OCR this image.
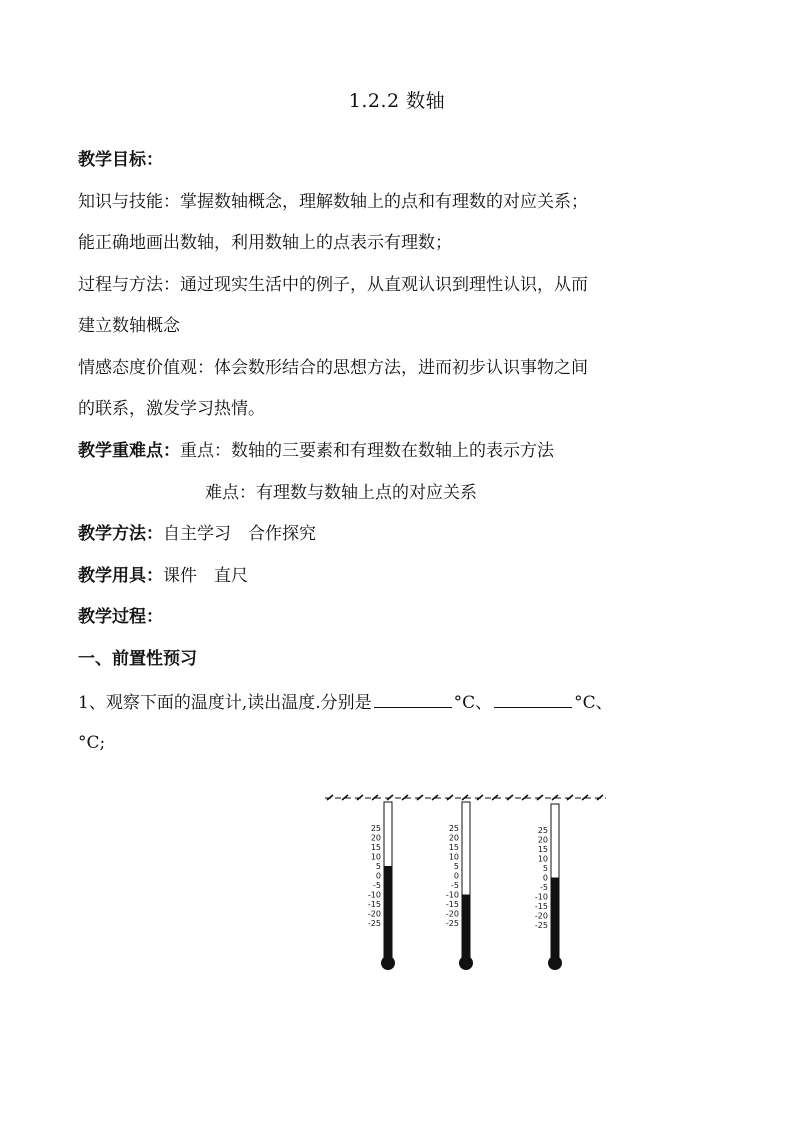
1.2.2 数轴
教学目标：
知识与技能：掌握数轴概念，理解数轴上的点和有理数的对应关系；
能正确地画出数轴，利用数轴上的点表示有理数；
过程与方法：通过现实生活中的例子，从直观认识到理性认识，从而
建立数轴概念
情感态度价值观：体会数形结合的思想方法，进而初步认识事物之间
的联系，激发学习热情。
教学重难点：重点：数轴的三要素和有理数在数轴上的表示方法
难点：有理数与数轴上点的对应关系
教学方法：自主学习　合作探究
教学用具：课件　直尺
教学过程：
一、前置性预习
1、观察下面的温度计,读出温度.分别是	°C、	°C、
°C;
25
20
15
10
5
0
-5
-10
-15
-20
-25
25
20
15
10
5
0
-5
-10
-15
-20
-25
25
20
15
10
5
0
-5
-10
-15
-20
-25
